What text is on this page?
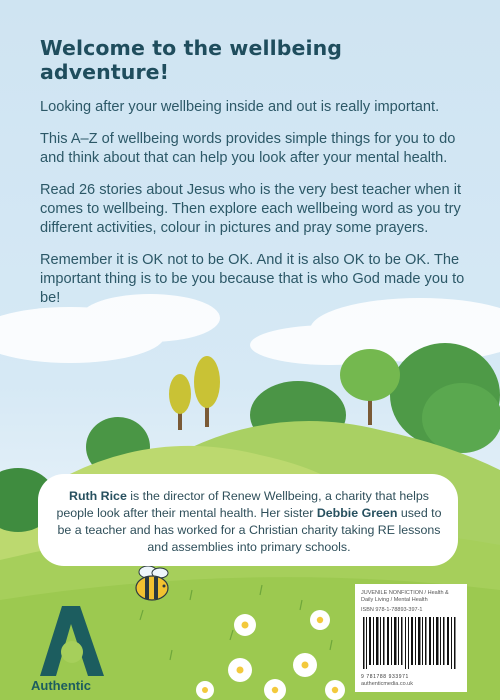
Welcome to the wellbeing adventure!

Looking after your wellbeing inside and out is really important.

This A–Z of wellbeing words provides simple things for you to do and think about that can help you look after your mental health.

Read 26 stories about Jesus who is the very best teacher when it comes to wellbeing. Then explore each wellbeing word as you try different activities, colour in pictures and pray some prayers.

Remember it is OK not to be OK. And it is also OK to be OK. The important thing is to be you because that is who God made you to be!

Ruth Rice is the director of Renew Wellbeing, a charity that helps people look after their mental health. Her sister Debbie Green used to be a teacher and has worked for a Christian charity taking RE lessons and assemblies into primary schools.
Authentic
JUVENILE NONFICTION / Health & Daily Living / Mental Health
ISBN 978-1-78893-397-1
9 781788 933971
authenticmedia.co.uk
